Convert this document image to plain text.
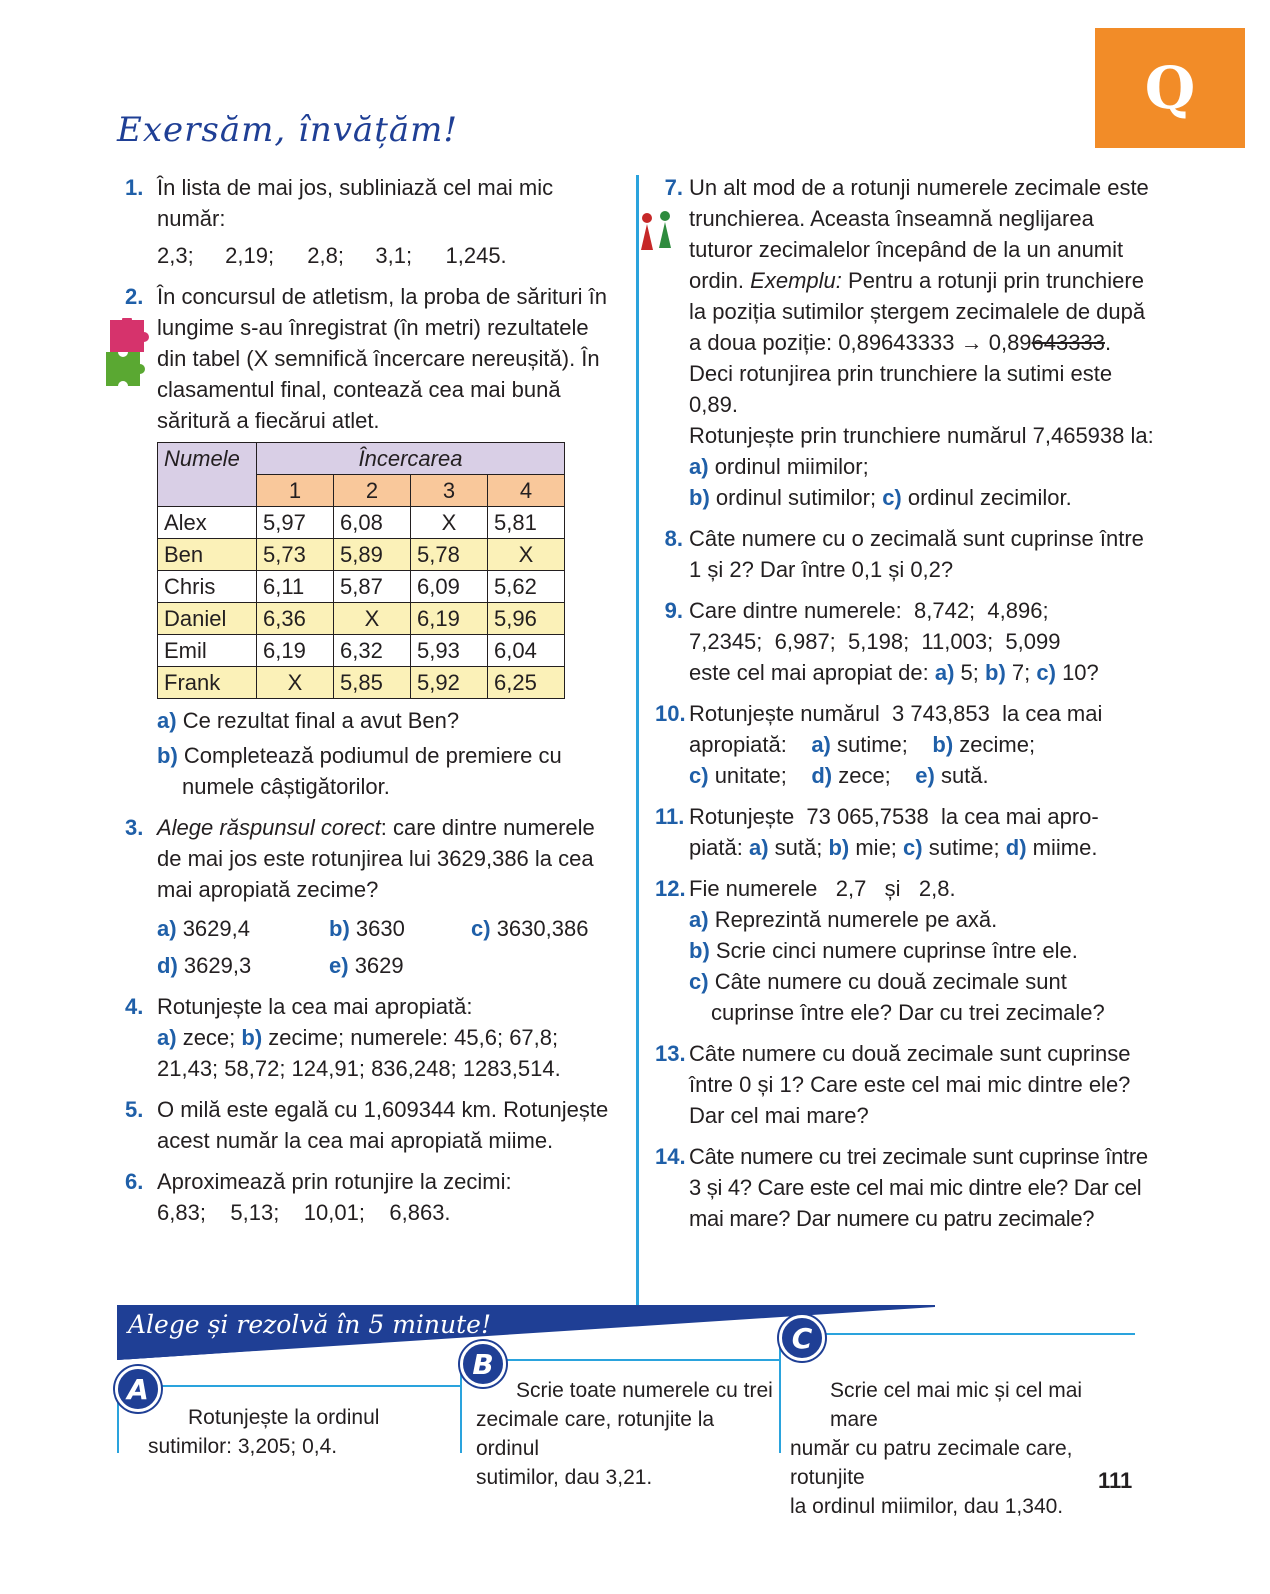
Q
Exersăm, învățăm!
1. În lista de mai jos, subliniază cel mai mic număr:
2,3; 2,19; 2,8; 3,1; 1,245.
2. În concursul de atletism, la proba de sărituri în lungime s-au înregistrat (în metri) rezultatele din tabel (X semnifică încercare nereușită). În clasamentul final, contează cea mai bună săritură a fiecărui atlet.
Numele	Încercarea			
	1	2	3	4
Alex	5,97	6,08	X	5,81
Ben	5,73	5,89	5,78	X
Chris	6,11	5,87	6,09	5,62
Daniel	6,36	X	6,19	5,96
Emil	6,19	6,32	5,93	6,04
Frank	X	5,85	5,92	6,25
a) Ce rezultat final a avut Ben?
b) Completează podiumul de premiere cu numele câștigătorilor.
3. Alege răspunsul corect: care dintre numerele de mai jos este rotunjirea lui 3629,386 la cea mai apropiată zecime?
a) 3629,4	b) 3630	c) 3630,386
d) 3629,3	e) 3629
4. Rotunjește la cea mai apropiată:
a) zece; b) zecime; numerele: 45,6; 67,8;
21,43; 58,72; 124,91; 836,248; 1283,514.
5. O milă este egală cu 1,609344 km. Rotunjește acest număr la cea mai apropiată miime.
6. Aproximează prin rotunjire la zecimi:
6,83;    5,13;    10,01;    6,863.
7. Un alt mod de a rotunji numerele zecimale este trunchierea. Aceasta înseamnă neglijarea tuturor zecimalelor începând de la un anumit ordin. Exemplu: Pentru a rotunji prin trunchiere la poziția sutimilor ștergem zecimalele de după a doua poziție: 0,89643333 → 0,89643333. Deci rotunjirea prin trunchiere la sutimi este 0,89.
Rotunjește prin trunchiere numărul 7,465938 la: a) ordinul miimilor;
b) ordinul sutimilor; c) ordinul zecimilor.
8. Câte numere cu o zecimală sunt cuprinse între 1 și 2? Dar între 0,1 și 0,2?
9. Care dintre numerele:  8,742;  4,896;
7,2345;  6,987;  5,198;  11,003;  5,099
este cel mai apropiat de: a) 5; b) 7; c) 10?
10. Rotunjește numărul  3 743,853  la cea mai
apropiată: a) sutime; b) zecime;
c) unitate; d) zece; e) sută.
11. Rotunjește  73 065,7538  la cea mai apro-
piată: a) sută; b) mie; c) sutime; d) miime.
12. Fie numerele   2,7   și   2,8.
a) Reprezintă numerele pe axă.
b) Scrie cinci numere cuprinse între ele.
c) Câte numere cu două zecimale sunt cuprinse între ele? Dar cu trei zecimale?
13. Câte numere cu două zecimale sunt cuprinse între 0 și 1? Care este cel mai mic dintre ele? Dar cel mai mare?
14. Câte numere cu trei zecimale sunt cuprinse între 3 și 4? Care este cel mai mic dintre ele? Dar cel mai mare? Dar numere cu patru zecimale?
Alege și rezolvă în 5 minute!
A
B
C
Rotunjește la ordinul
sutimilor: 3,205; 0,4.
Scrie toate numerele cu trei
zecimale care, rotunjite la ordinul
sutimilor, dau 3,21.
Scrie cel mai mic și cel mai mare
număr cu patru zecimale care, rotunjite
la ordinul miimilor, dau 1,340.
111
